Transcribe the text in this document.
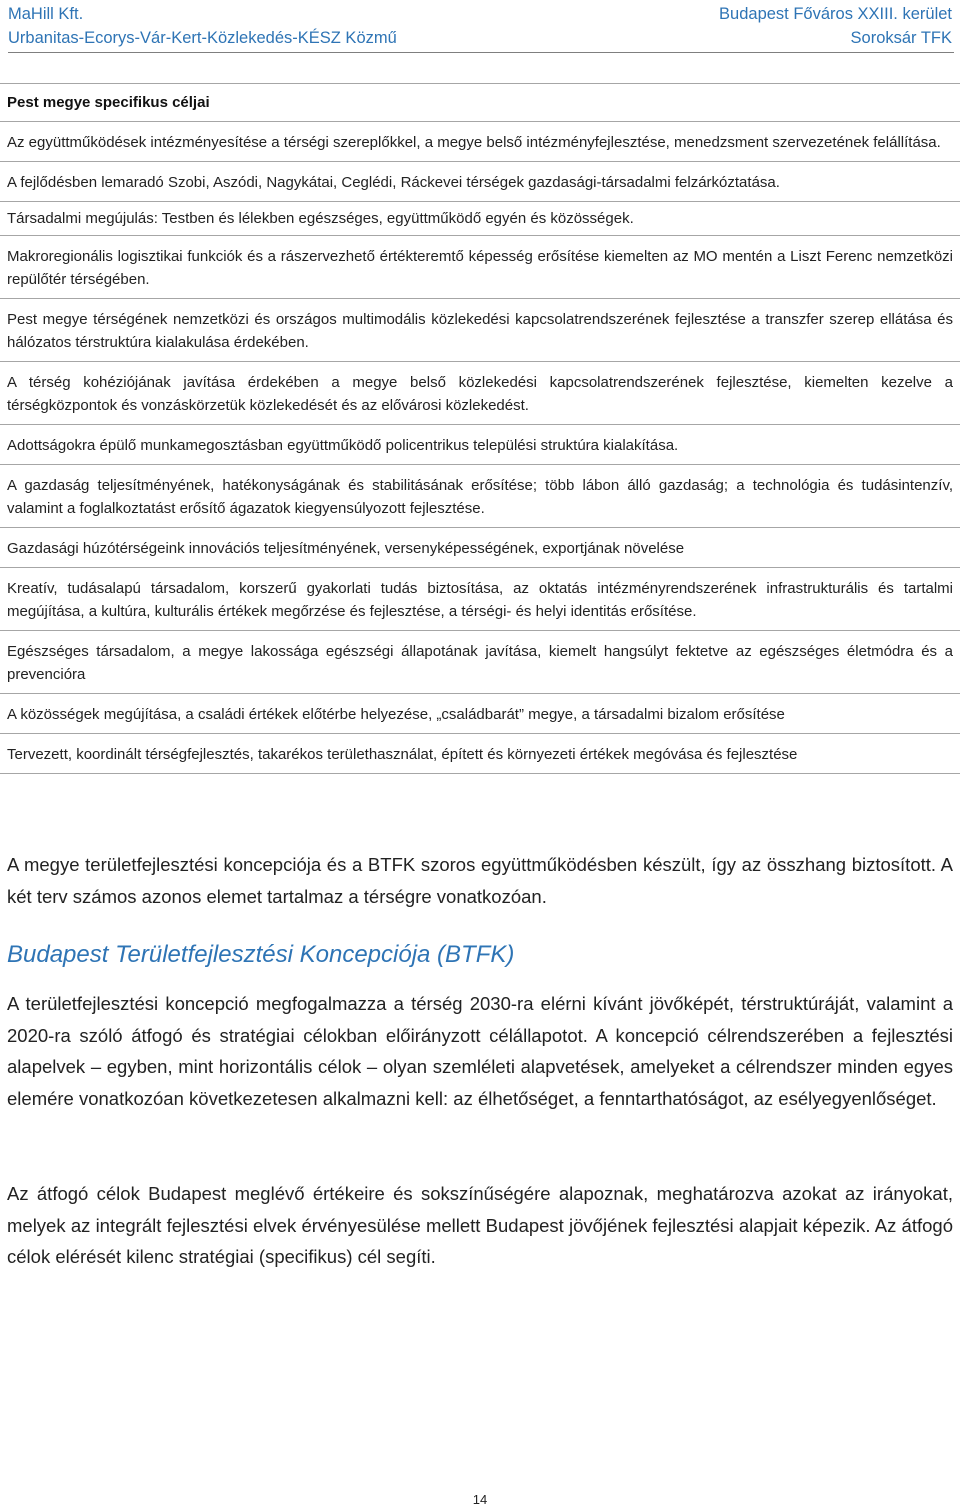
MaHill Kft.
Urbanitas-Ecorys-Vár-Kert-Közlekedés-KÉSZ Közmű
Budapest Főváros XXIII. kerület
Soroksár TFK
Pest megye specifikus céljai
Az együttműködések intézményesítése a térségi szereplőkkel, a megye belső intézményfejlesztése, menedzsment szervezetének felállítása.
A fejlődésben lemaradó Szobi, Aszódi, Nagykátai, Ceglédi, Ráckevei térségek gazdasági-társadalmi felzárkóztatása.
Társadalmi megújulás: Testben és lélekben egészséges, együttműködő egyén és közösségek.
Makroregionális logisztikai funkciók és a rászervezhető értékteremtő képesség erősítése kiemelten az MO mentén a Liszt Ferenc nemzetközi repülőtér térségében.
Pest megye térségének nemzetközi és országos multimodális közlekedési kapcsolatrendszerének fejlesztése a transzfer szerep ellátása és hálózatos térstruktúra kialakulása érdekében.
A térség kohéziójának javítása érdekében a megye belső közlekedési kapcsolatrendszerének fejlesztése, kiemelten kezelve a térségközpontok és vonzáskörzetük közlekedését és az elővárosi közlekedést.
Adottságokra épülő munkamegosztásban együttműködő policentrikus települési struktúra kialakítása.
A gazdaság teljesítményének, hatékonyságának és stabilitásának erősítése; több lábon álló gazdaság; a technológia és tudásintenzív, valamint a foglalkoztatást erősítő ágazatok kiegyensúlyozott fejlesztése.
Gazdasági húzótérségeink innovációs teljesítményének, versenyképességének, exportjának növelése
Kreatív, tudásalapú társadalom, korszerű gyakorlati tudás biztosítása, az oktatás intézményrendszerének infrastrukturális és tartalmi megújítása, a kultúra, kulturális értékek megőrzése és fejlesztése, a térségi- és helyi identitás erősítése.
Egészséges társadalom, a megye lakossága egészségi állapotának javítása, kiemelt hangsúlyt fektetve az egészséges életmódra és a prevencióra
A közösségek megújítása, a családi értékek előtérbe helyezése, „családbarát” megye, a társadalmi bizalom erősítése
Tervezett, koordinált térségfejlesztés, takarékos területhasználat, épített és környezeti értékek megóvása és fejlesztése

A megye területfejlesztési koncepciója és a BTFK szoros együttműködésben készült, így az összhang biztosított. A két terv számos azonos elemet tartalmaz a térségre vonatkozóan.

Budapest Területfejlesztési Koncepciója (BTFK)

A területfejlesztési koncepció megfogalmazza a térség 2030-ra elérni kívánt jövőképét, térstruktúráját, valamint a 2020-ra szóló átfogó és stratégiai célokban előirányzott célállapotot. A koncepció célrendszerében a fejlesztési alapelvek – egyben, mint horizontális célok – olyan szemléleti alapvetések, amelyeket a célrendszer minden egyes elemére vonatkozóan következetesen alkalmazni kell: az élhetőséget, a fenntarthatóságot, az esélyegyenlőséget.

Az átfogó célok Budapest meglévő értékeire és sokszínűségére alapoznak, meghatározva azokat az irányokat, melyek az integrált fejlesztési elvek érvényesülése mellett Budapest jövőjének fejlesztési alapjait képezik. Az átfogó célok elérését kilenc stratégiai (specifikus) cél segíti.

14
